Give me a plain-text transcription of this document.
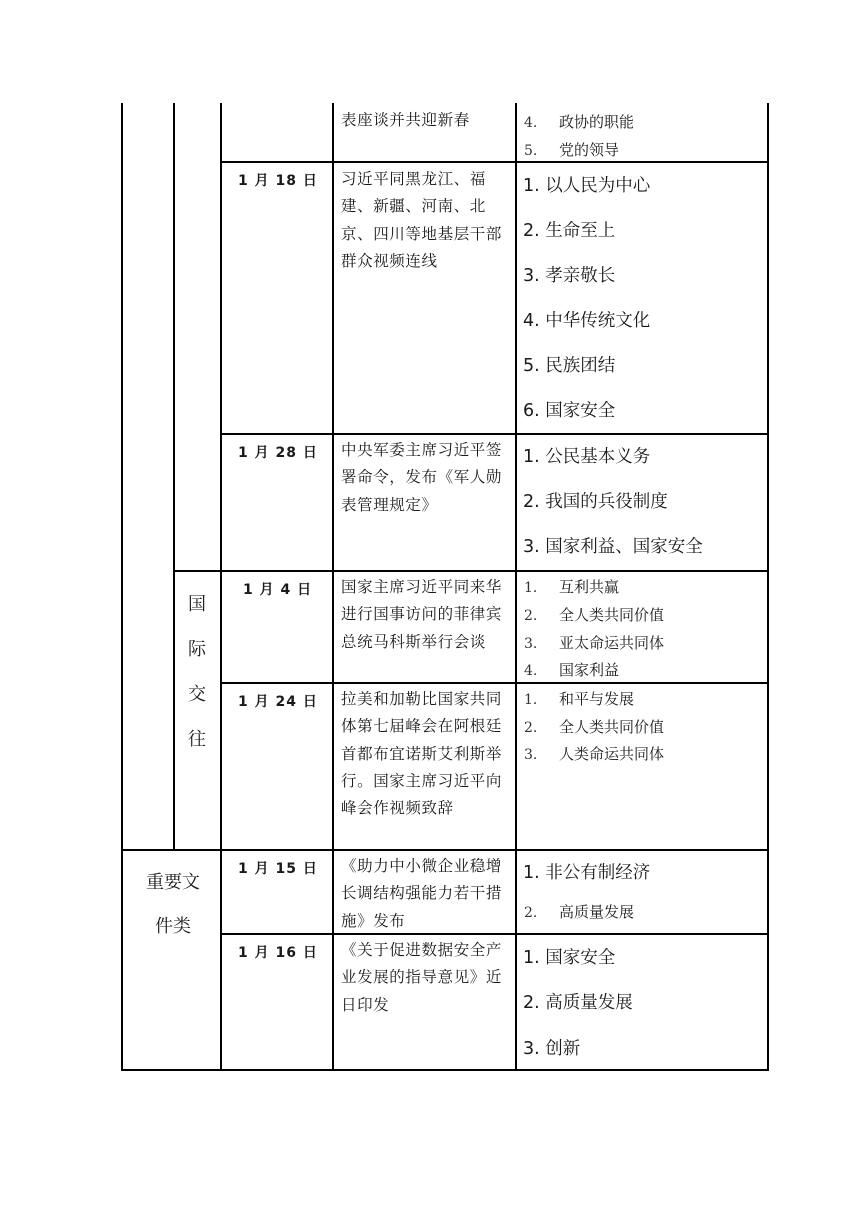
表座谈并共迎新春	4. 政协的职能
5. 党的领导
1 月 18 日 习近平同黑龙江、福建、新疆、河南、北京、四川等地基层干部群众视频连线
1. 以人民为中心
2. 生命至上
3. 孝亲敬长
4. 中华传统文化
5. 民族团结
6. 国家安全
1 月 28 日 中央军委主席习近平签署命令，发布《军人勋表管理规定》
1. 公民基本义务
2. 我国的兵役制度
3. 国家利益、国家安全
国
际
交
往
1 月 4 日 国家主席习近平同来华进行国事访问的菲律宾总统马科斯举行会谈
1. 互利共赢
2. 全人类共同价值
3. 亚太命运共同体
4. 国家利益
1 月 24 日 拉美和加勒比国家共同体第七届峰会在阿根廷首都布宜诺斯艾利斯举行。国家主席习近平向峰会作视频致辞
1. 和平与发展
2. 全人类共同价值
3. 人类命运共同体
重要文
件类
1 月 15 日 《助力中小微企业稳增长调结构强能力若干措施》发布
1. 非公有制经济
2. 高质量发展
1 月 16 日 《关于促进数据安全产业发展的指导意见》近日印发
1. 国家安全
2. 高质量发展
3. 创新
